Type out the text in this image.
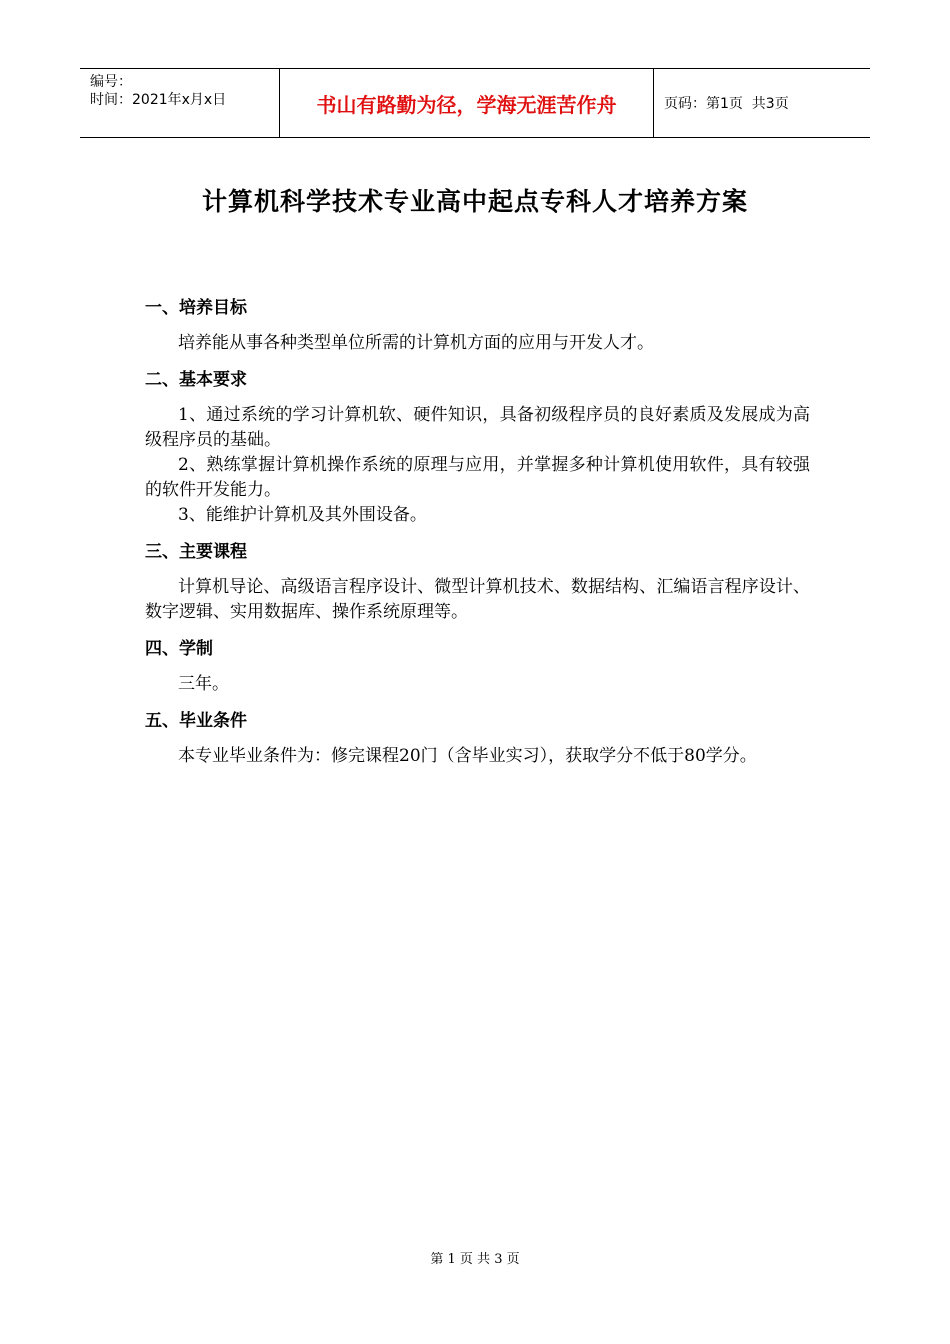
编号：
时间：2021年x月x日	书山有路勤为径，学海无涯苦作舟	页码：第1页  共3页
计算机科学技术专业高中起点专科人才培养方案
一、培养目标

培养能从事各种类型单位所需的计算机方面的应用与开发人才。

二、基本要求

1、通过系统的学习计算机软、硬件知识，具备初级程序员的良好素质及发展成为高级程序员的基础。

2、熟练掌握计算机操作系统的原理与应用，并掌握多种计算机使用软件，具有较强的软件开发能力。

3、能维护计算机及其外围设备。

三、主要课程

计算机导论、高级语言程序设计、微型计算机技术、数据结构、汇编语言程序设计、数字逻辑、实用数据库、操作系统原理等。

四、学制

三年。

五、毕业条件

本专业毕业条件为：修完课程20门（含毕业实习），获取学分不低于80学分。

第 1 页 共 3 页
